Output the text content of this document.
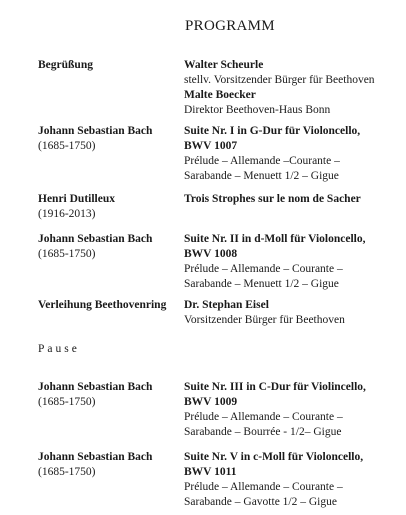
PROGRAMM
Begrüßung	Walter Scheurle
stellv. Vorsitzender Bürger für Beethoven
Malte Boecker
Direktor Beethoven-Haus Bonn
Johann Sebastian Bach
(1685-1750)
Suite Nr. I in G-Dur für Violoncello,
BWV 1007
Prélude – Allemande –Courante –
Sarabande – Menuett 1/2 – Gigue
Henri Dutilleux
(1916-2013)
Trois Strophes sur le nom de Sacher
Johann Sebastian Bach
(1685-1750)
Suite Nr. II in d-Moll für Violoncello,
BWV 1008
Prélude – Allemande – Courante –
Sarabande – Menuett 1/2 – Gigue
Verleihung Beethovenring Dr. Stephan Eisel
Vorsitzender Bürger für Beethoven
Pause
Johann Sebastian Bach
(1685-1750)
Suite Nr. III in C-Dur für Violincello,
BWV 1009
Prélude – Allemande – Courante –
Sarabande – Bourrée - 1/2– Gigue
Johann Sebastian Bach
(1685-1750)
Suite Nr. V in c-Moll für Violoncello,
BWV 1011
Prélude – Allemande – Courante –
Sarabande – Gavotte 1/2 – Gigue
